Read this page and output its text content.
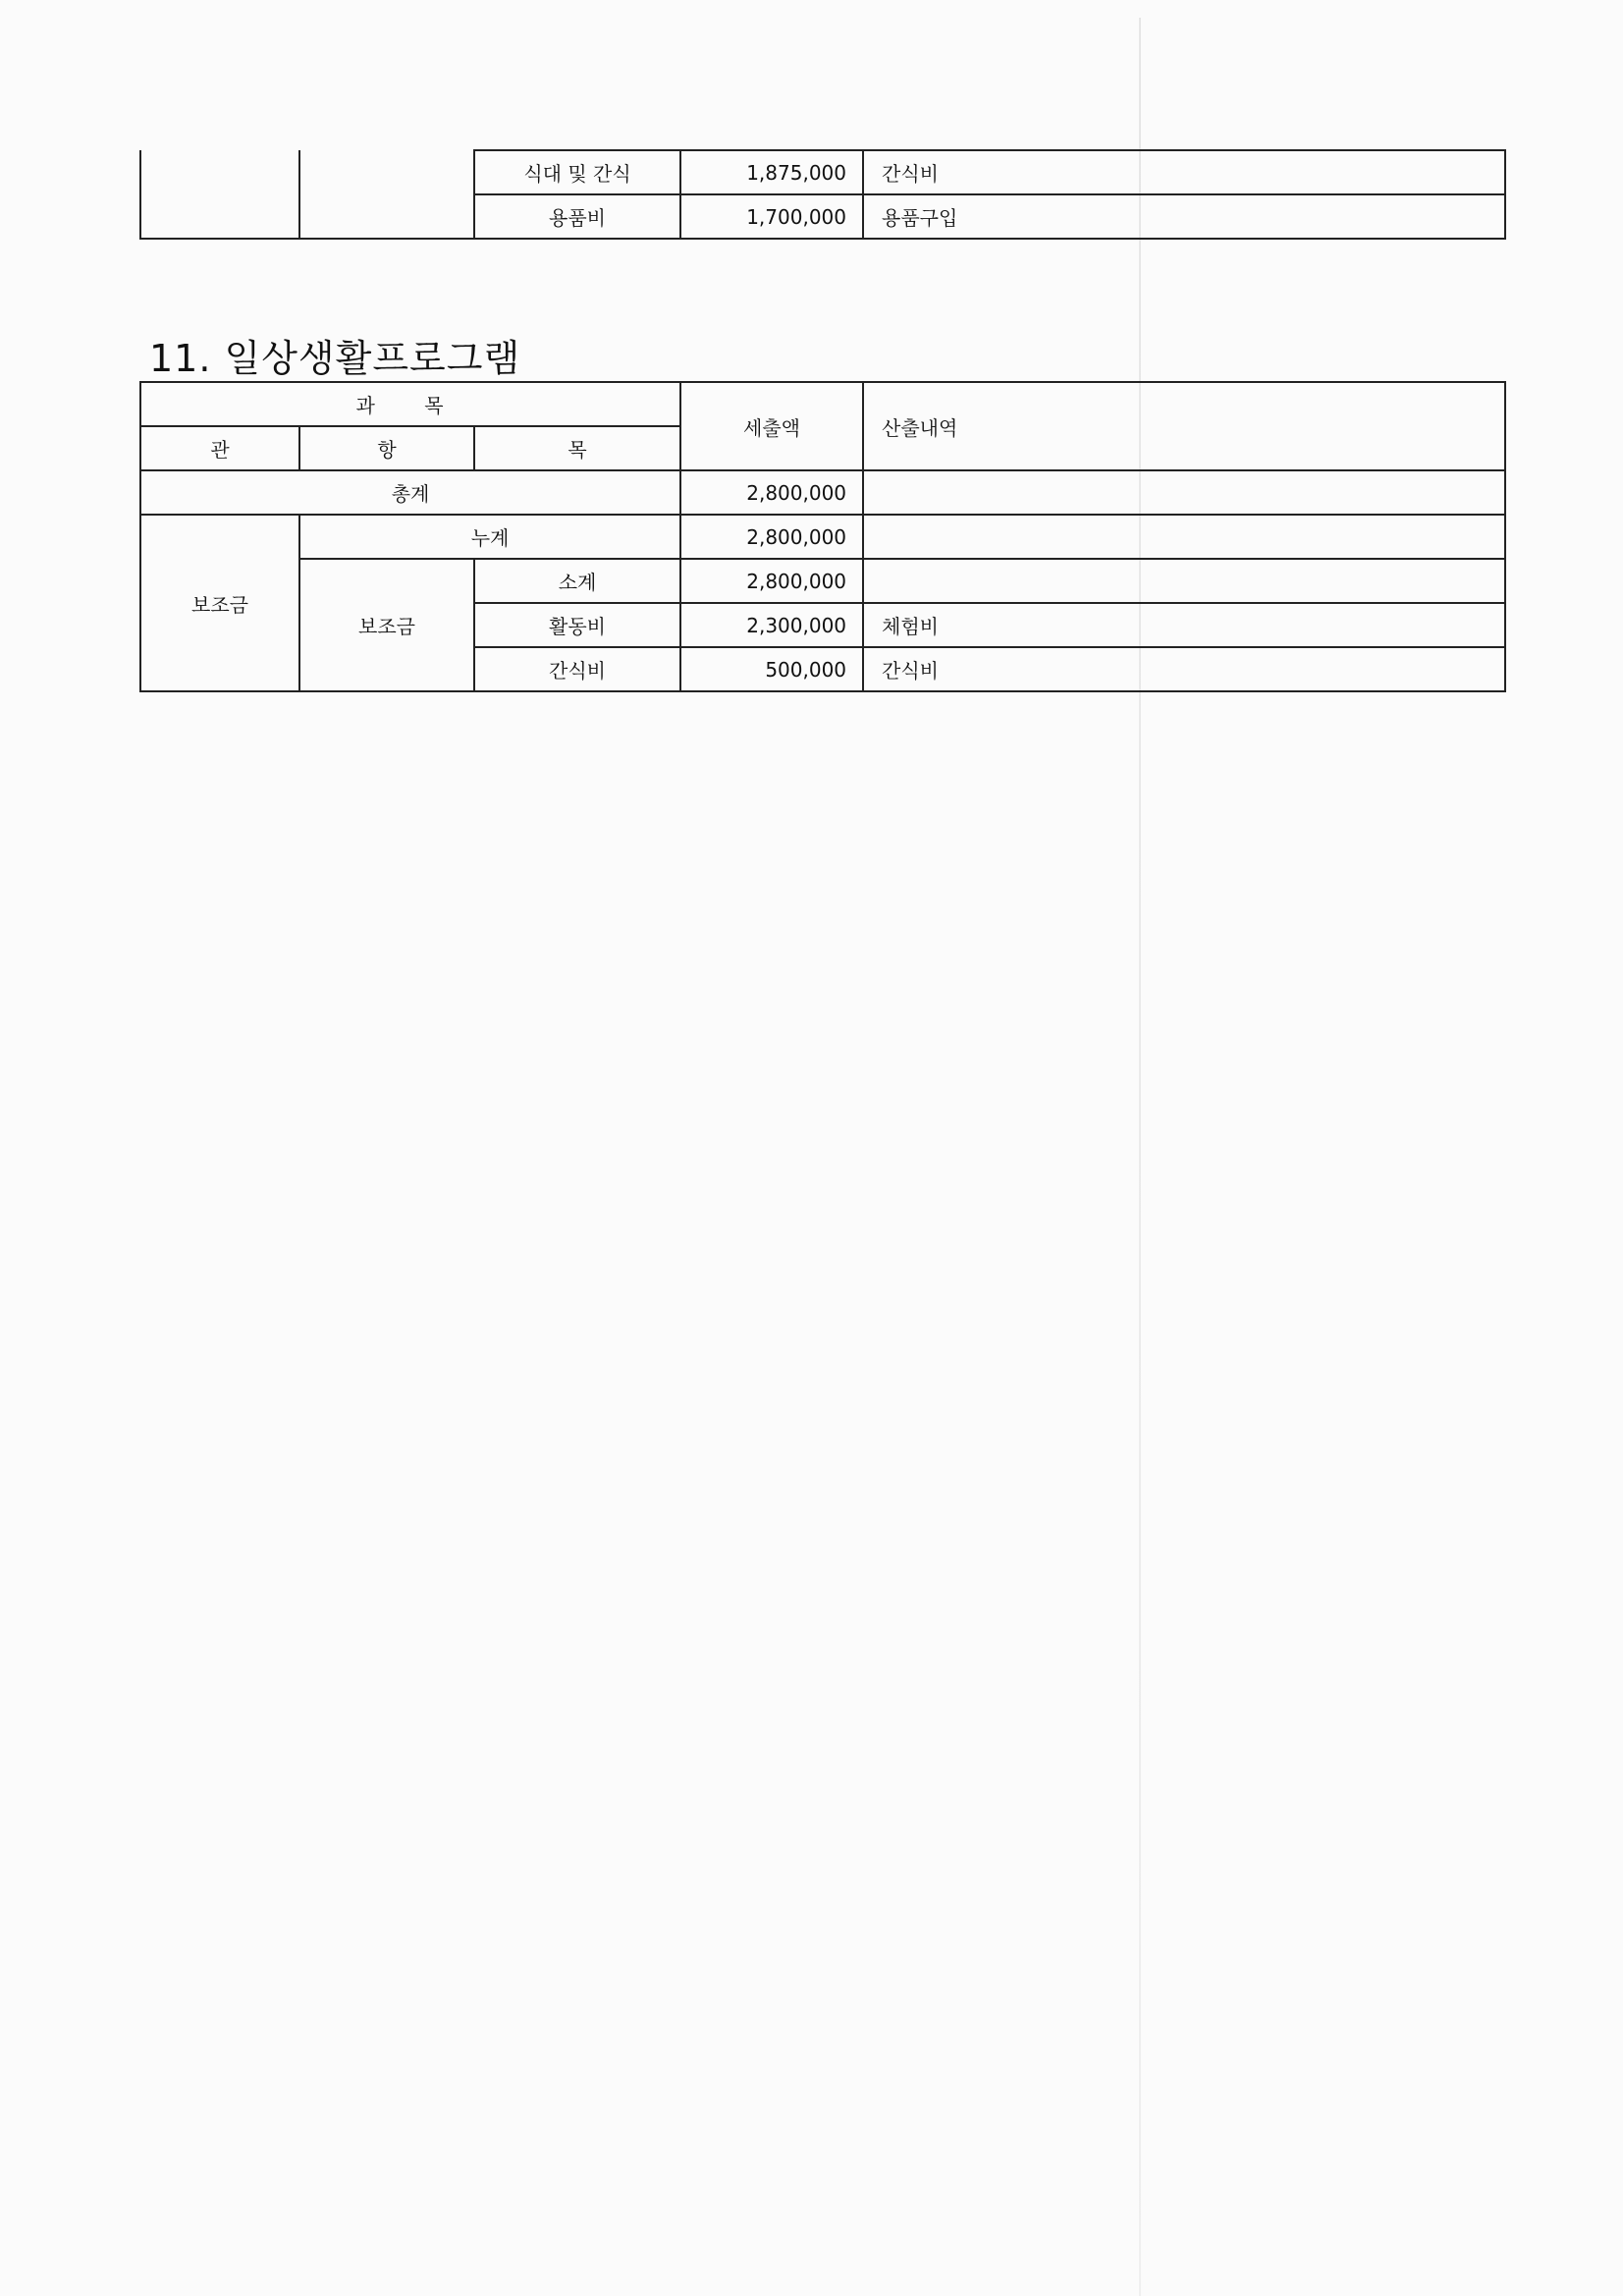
		식대 및 간식	1,875,000	간식비
		용품비	1,700,000	용품구입
11. 일상생활프로그램
과 목			세출액	산출내역
관	항	목		
총계			2,800,000	
보조금	누계		2,800,000	
	보조금	소계	2,800,000	
		활동비	2,300,000	체험비
		간식비	500,000	간식비
